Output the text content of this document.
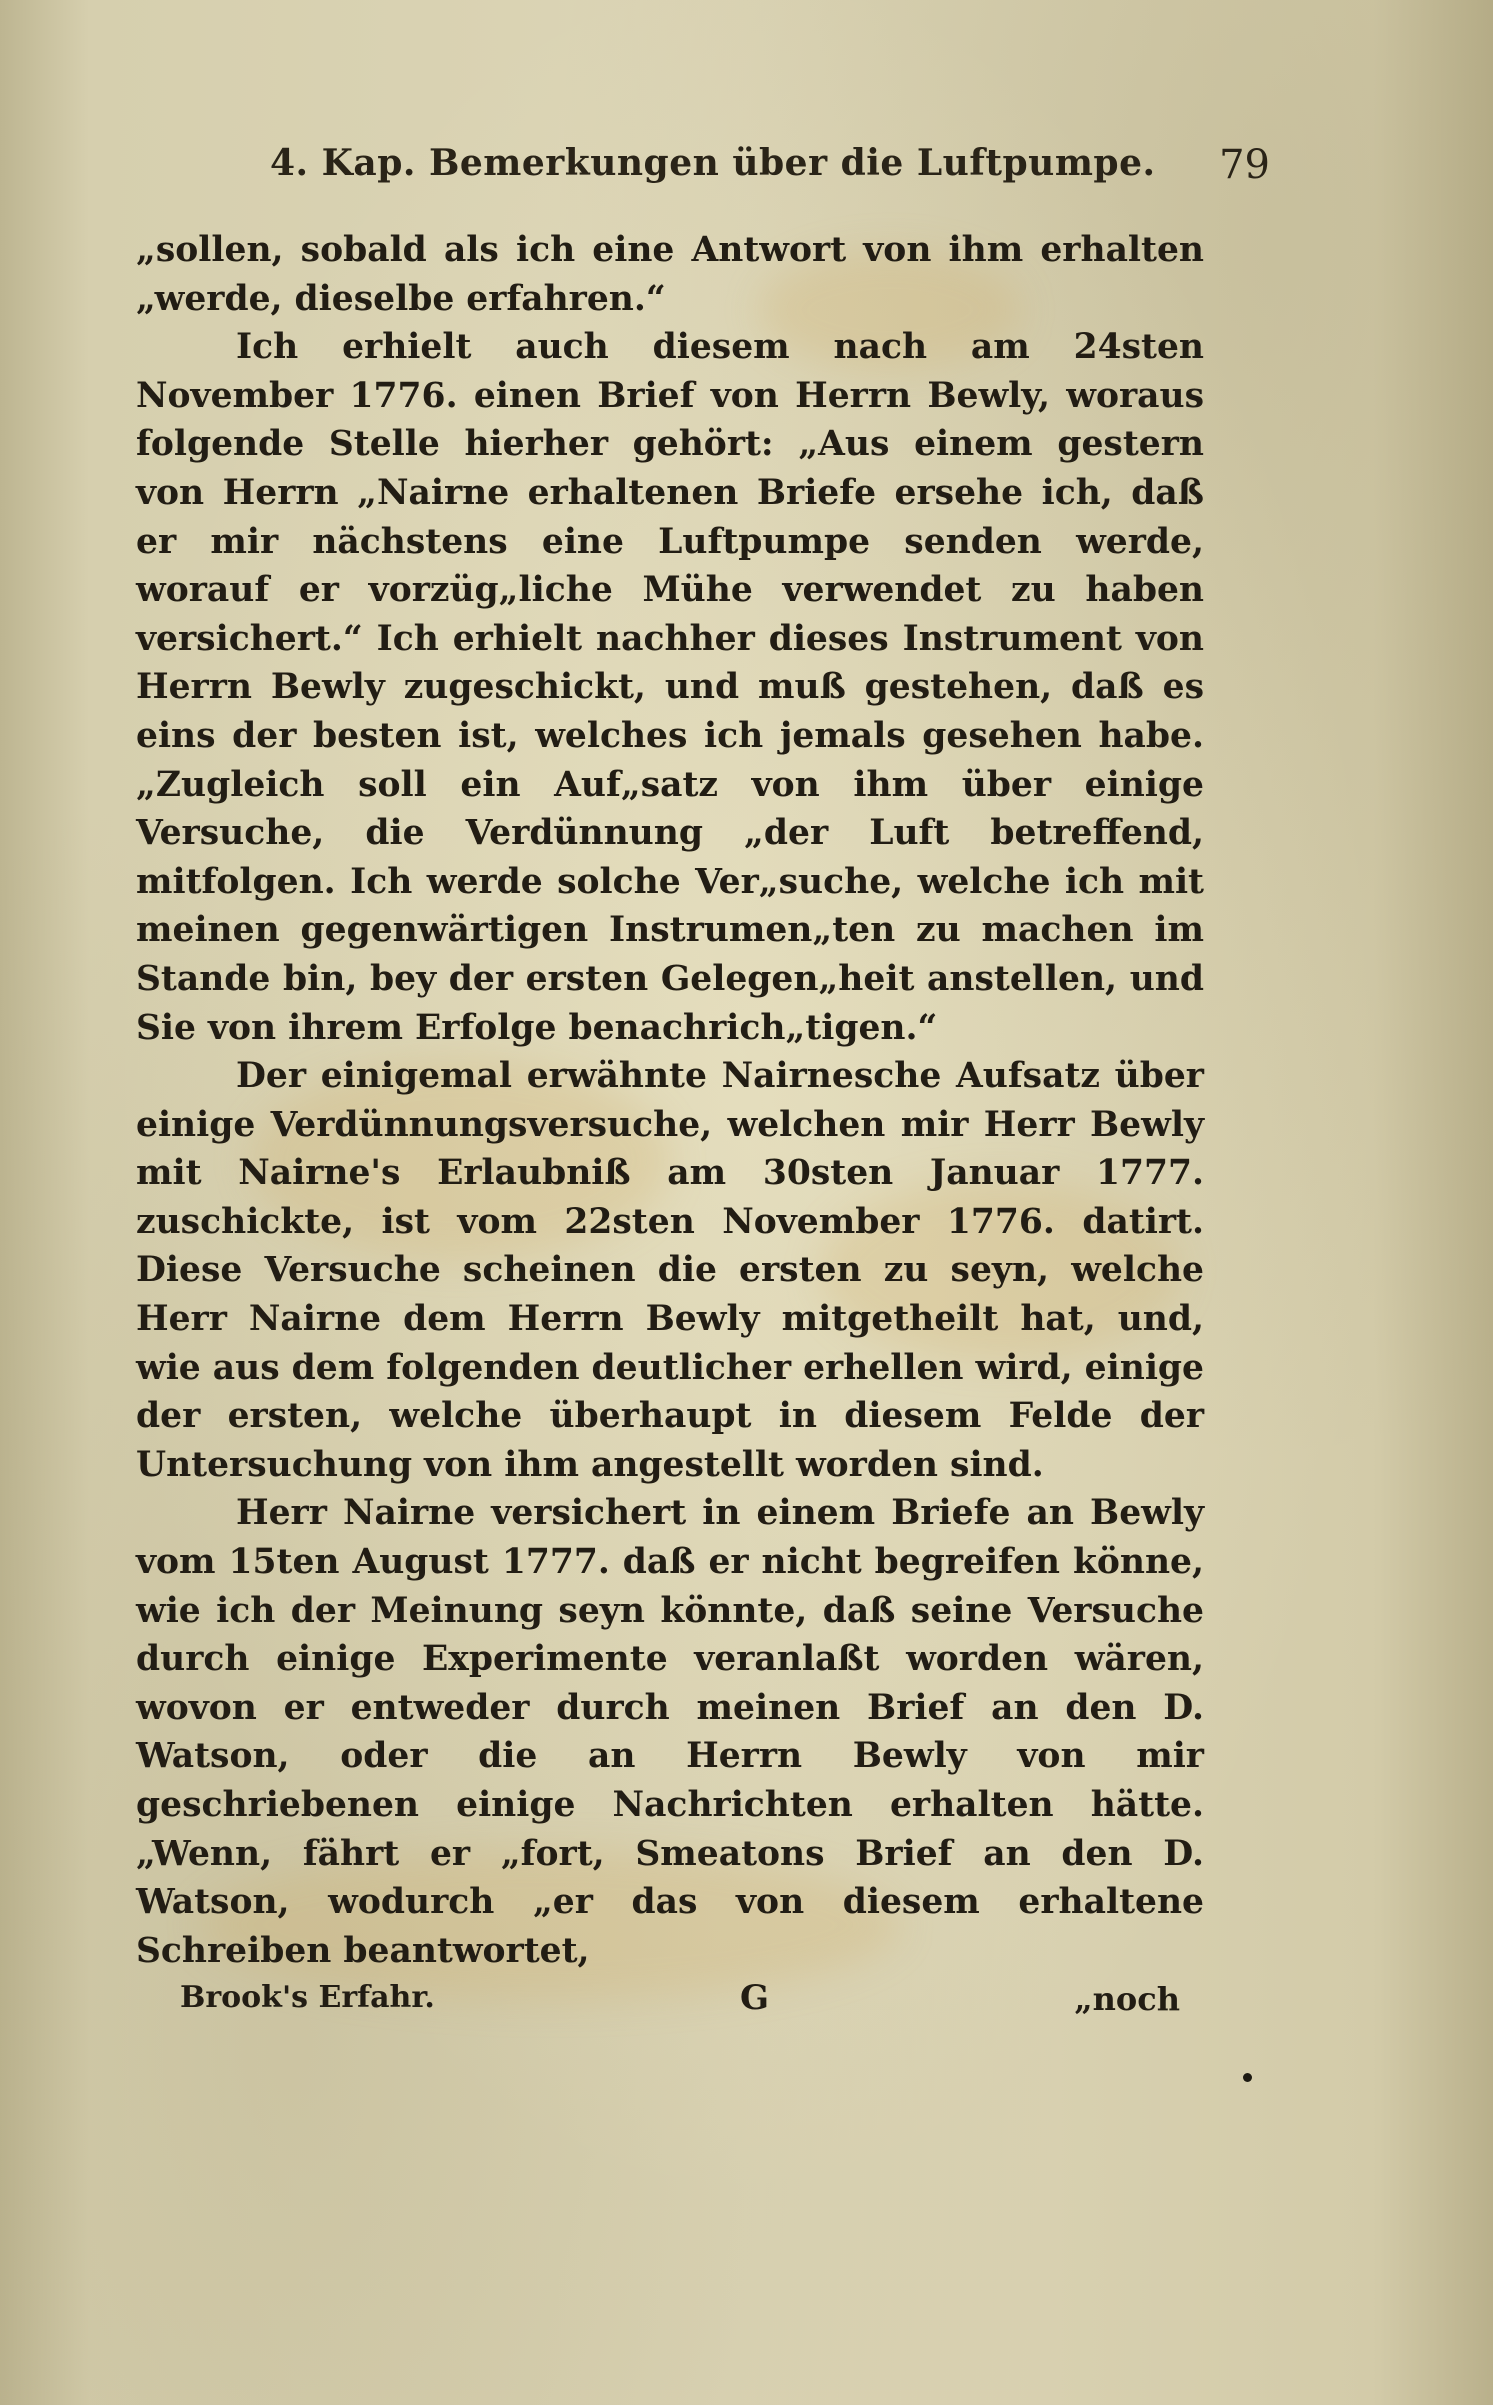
4. Kap. Bemerkungen über die Luftpumpe. 79

„sollen, sobald als ich eine Antwort von ihm erhalten „werde, dieselbe erfahren.“

Ich erhielt auch diesem nach am 24sten November 1776. einen Brief von Herrn Bewly, woraus folgende Stelle hierher gehört: „Aus einem gestern von Herrn „Nairne erhaltenen Briefe ersehe ich, daß er mir nächstens eine Luftpumpe senden werde, worauf er vorzüg„liche Mühe verwendet zu haben versichert.“ Ich erhielt nachher dieses Instrument von Herrn Bewly zugeschickt, und muß gestehen, daß es eins der besten ist, welches ich jemals gesehen habe. „Zugleich soll ein Auf„satz von ihm über einige Versuche, die Verdünnung „der Luft betreffend, mitfolgen. Ich werde solche Ver„suche, welche ich mit meinen gegenwärtigen Instrumen„ten zu machen im Stande bin, bey der ersten Gelegen„heit anstellen, und Sie von ihrem Erfolge benachrich„tigen.“

Der einigemal erwähnte Nairnesche Aufsatz über einige Verdünnungsversuche, welchen mir Herr Bewly mit Nairne's Erlaubniß am 30sten Januar 1777. zuschickte, ist vom 22sten November 1776. datirt. Diese Versuche scheinen die ersten zu seyn, welche Herr Nairne dem Herrn Bewly mitgetheilt hat, und, wie aus dem folgenden deutlicher erhellen wird, einige der ersten, welche überhaupt in diesem Felde der Untersuchung von ihm angestellt worden sind.

Herr Nairne versichert in einem Briefe an Bewly vom 15ten August 1777. daß er nicht begreifen könne, wie ich der Meinung seyn könnte, daß seine Versuche durch einige Experimente veranlaßt worden wären, wovon er entweder durch meinen Brief an den D. Watson, oder die an Herrn Bewly von mir geschriebenen einige Nachrichten erhalten hätte. „Wenn, fährt er „fort, Smeatons Brief an den D. Watson, wodurch „er das von diesem erhaltene Schreiben beantwortet,

Brook's Erfahr.	G	„noch
